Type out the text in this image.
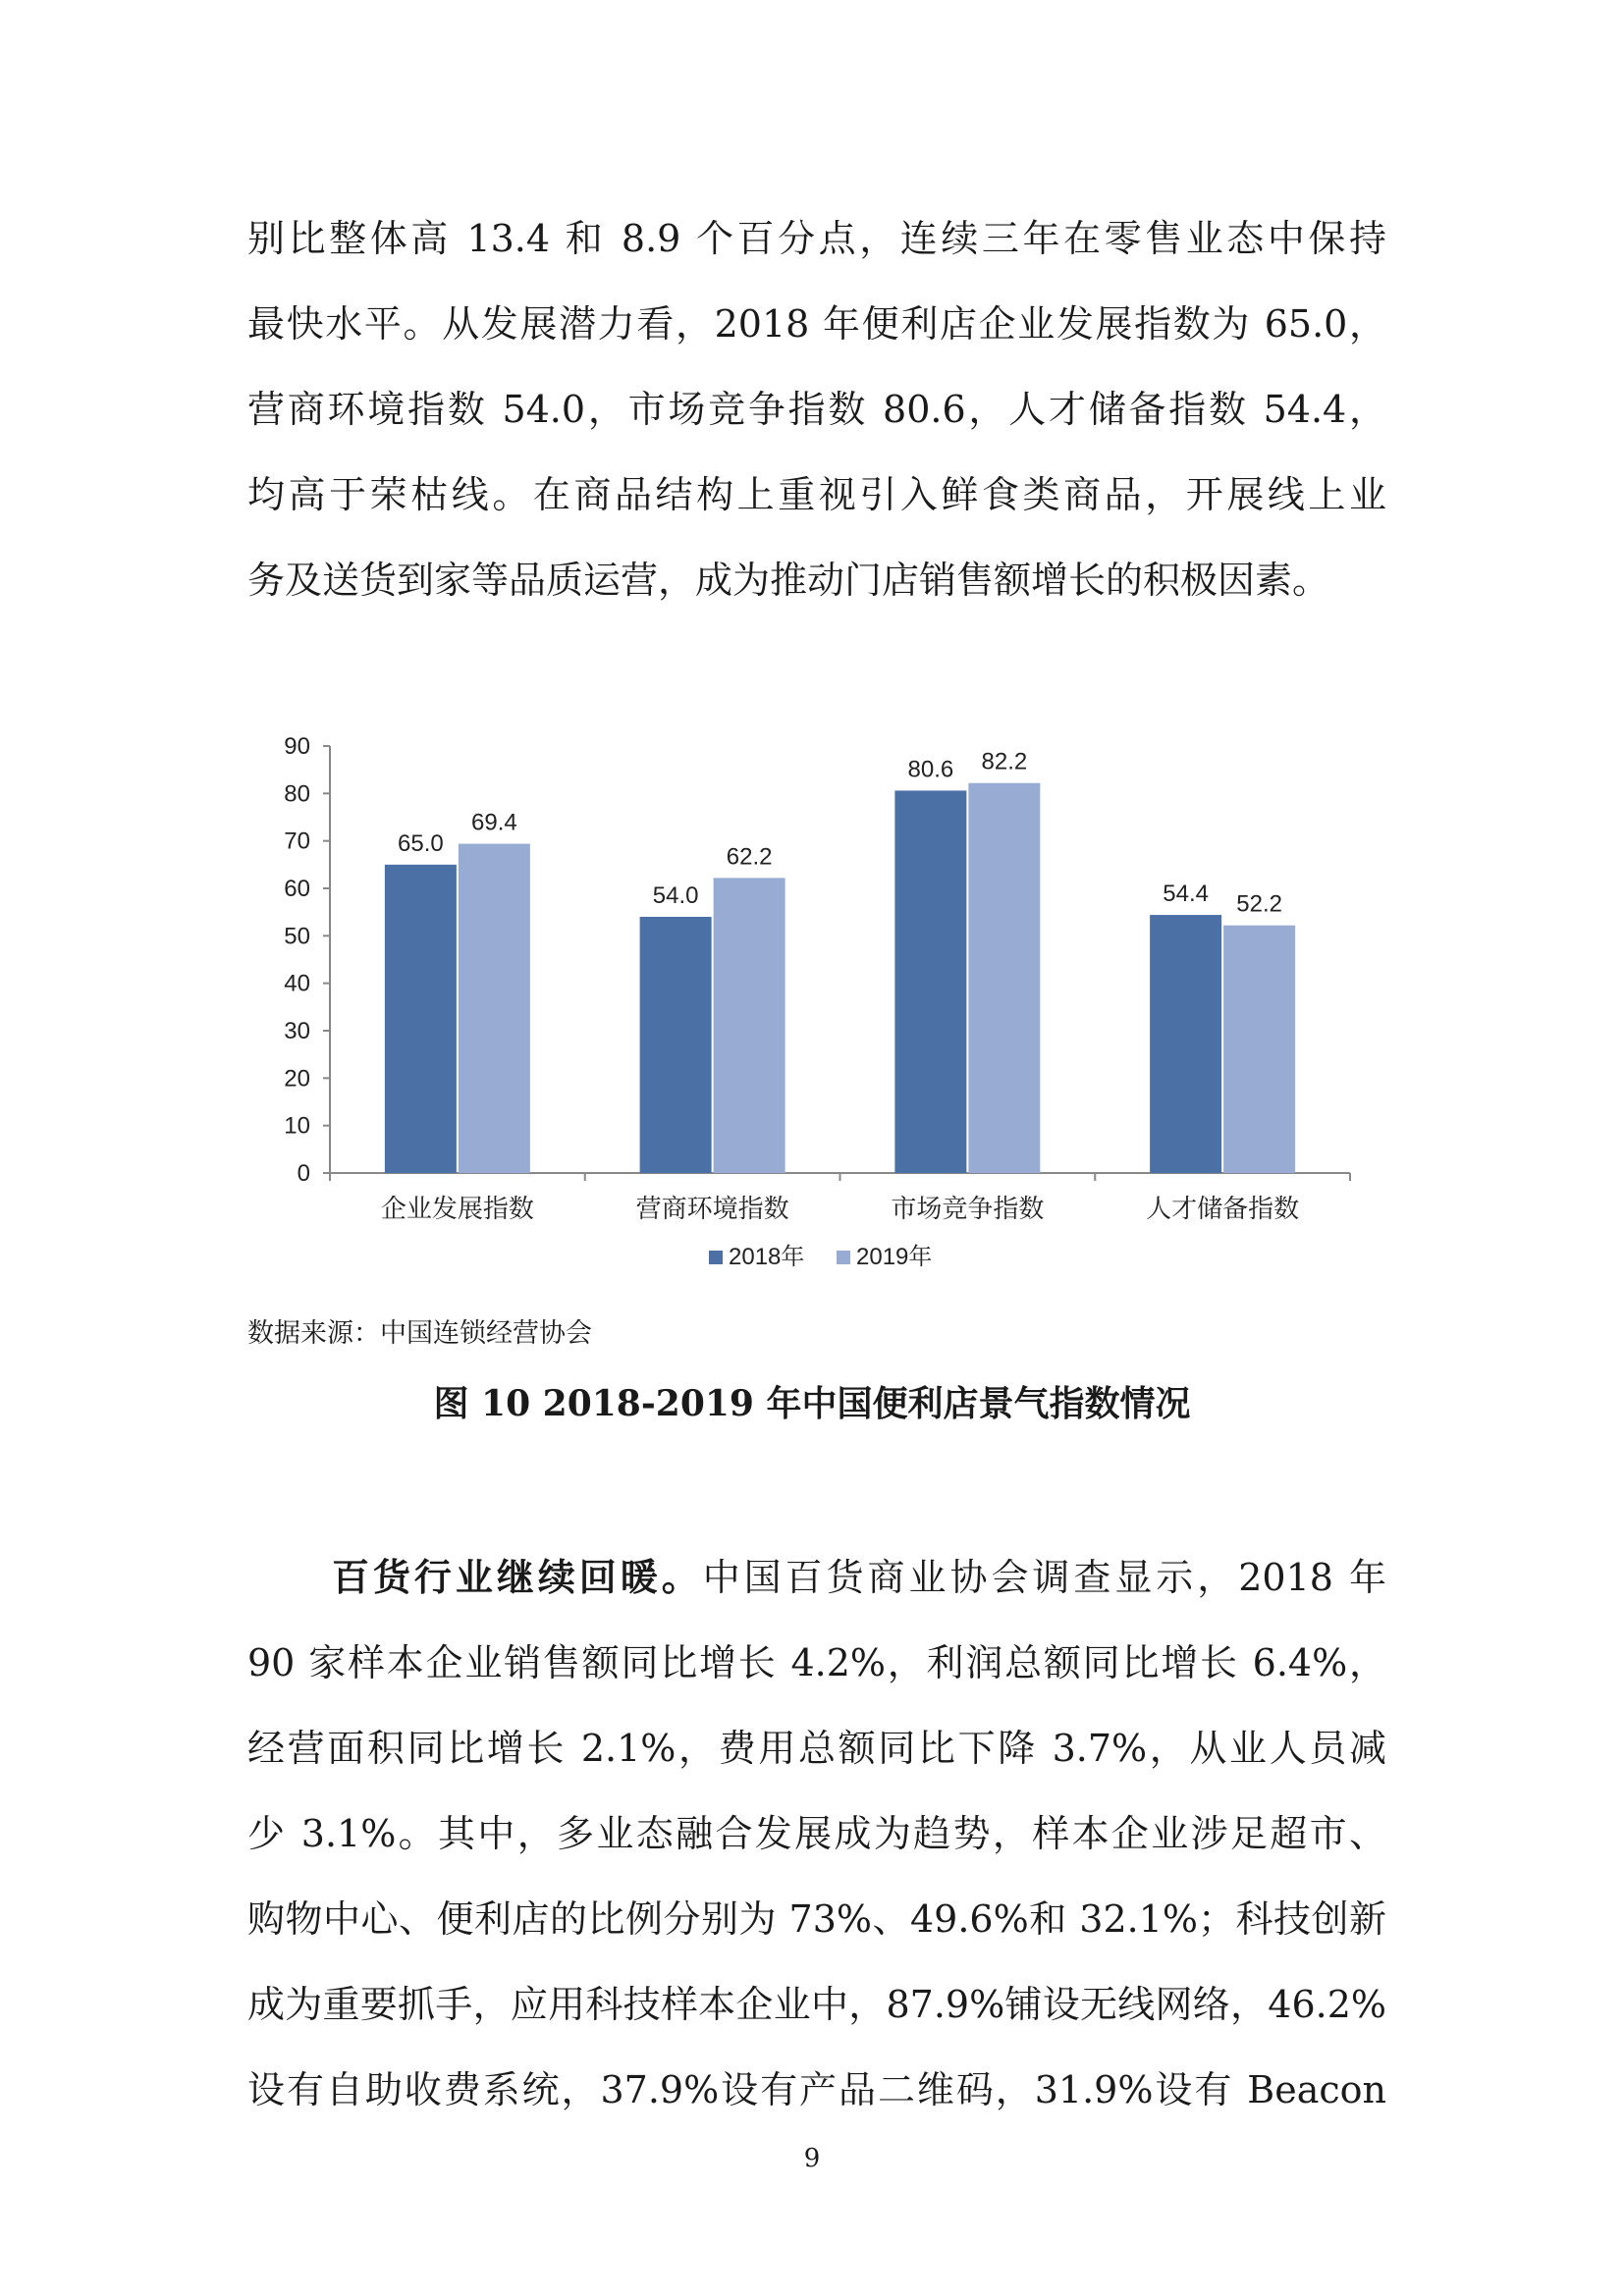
别比整体高 13.4 和 8.9 个百分点，连续三年在零售业态中保持
最快水平。从发展潜力看，2018 年便利店企业发展指数为 65.0，
营商环境指数 54.0，市场竞争指数 80.6，人才储备指数 54.4，
均高于荣枯线。在商品结构上重视引入鲜食类商品，开展线上业
务及送货到家等品质运营，成为推动门店销售额增长的积极因素。
0
10
20
30
40
50
60
70
80
90
65.0
69.4
企业发展指数
54.0
62.2
营商环境指数
80.6 82.2
市场竞争指数
54.4 52.2
人才储备指数
2018年 2019年
数据来源：中国连锁经营协会
图 10 2018-2019 年中国便利店景气指数情况
百货行业继续回暖。中国百货商业协会调查显示，2018 年
90 家样本企业销售额同比增长 4.2%，利润总额同比增长 6.4%，
经营面积同比增长 2.1%，费用总额同比下降 3.7%，从业人员减
少 3.1%。其中，多业态融合发展成为趋势，样本企业涉足超市、
购物中心、便利店的比例分别为 73%、49.6%和 32.1%；科技创新
成为重要抓手，应用科技样本企业中，87.9%铺设无线网络，46.2%
设有自助收费系统，37.9%设有产品二维码，31.9%设有 Beacon
9
